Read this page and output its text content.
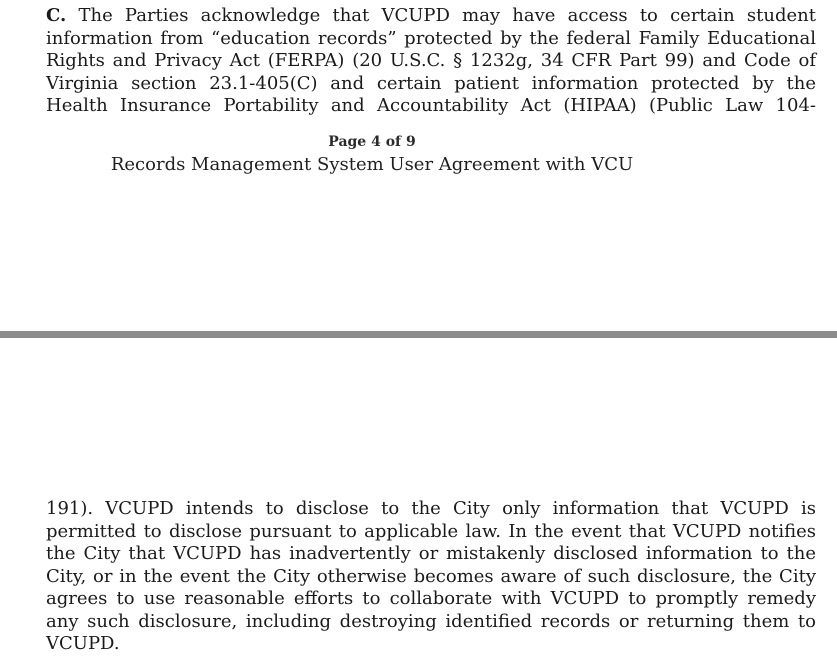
C. The Parties acknowledge that VCUPD may have access to certain student
information from “education records” protected by the federal Family Educational
Rights and Privacy Act (FERPA) (20 U.S.C. § 1232g, 34 CFR Part 99) and Code of
Virginia section 23.1-405(C) and certain patient information protected by the
Health Insurance Portability and Accountability Act (HIPAA) (Public Law 104-
Page 4 of 9
Records Management System User Agreement with VCU
191). VCUPD intends to disclose to the City only information that VCUPD is
permitted to disclose pursuant to applicable law. In the event that VCUPD notifies
the City that VCUPD has inadvertently or mistakenly disclosed information to the
City, or in the event the City otherwise becomes aware of such disclosure, the City
agrees to use reasonable efforts to collaborate with VCUPD to promptly remedy
any such disclosure, including destroying identified records or returning them to
VCUPD.
